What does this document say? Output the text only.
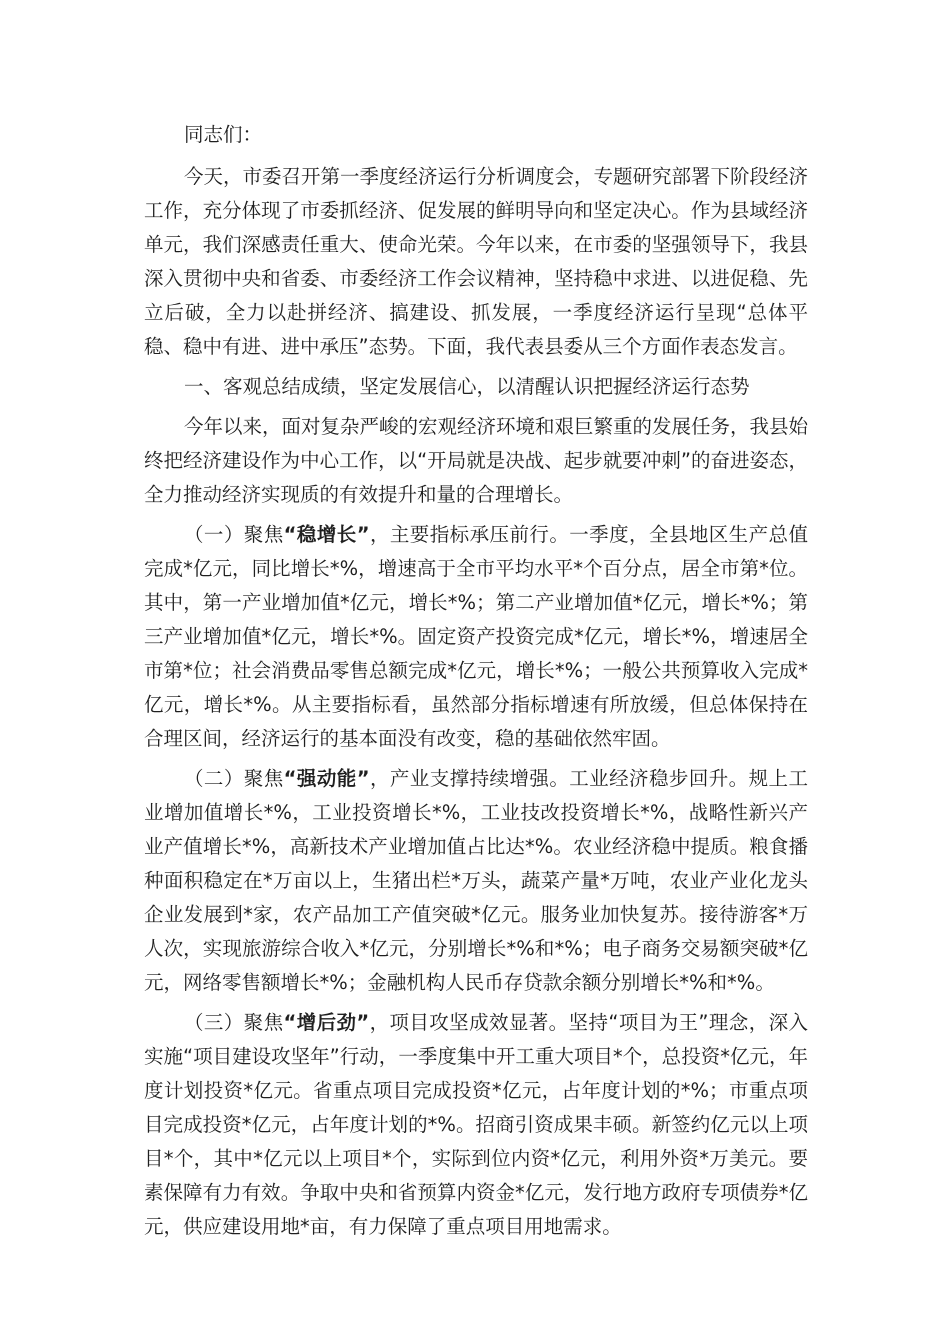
同志们：

今天，市委召开第一季度经济运行分析调度会，专题研究部署下阶段经济工作，充分体现了市委抓经济、促发展的鲜明导向和坚定决心。作为县域经济单元，我们深感责任重大、使命光荣。今年以来，在市委的坚强领导下，我县深入贯彻中央和省委、市委经济工作会议精神，坚持稳中求进、以进促稳、先立后破，全力以赴拼经济、搞建设、抓发展，一季度经济运行呈现“总体平稳、稳中有进、进中承压”态势。下面，我代表县委从三个方面作表态发言。

一、客观总结成绩，坚定发展信心，以清醒认识把握经济运行态势

今年以来，面对复杂严峻的宏观经济环境和艰巨繁重的发展任务，我县始终把经济建设作为中心工作，以“开局就是决战、起步就要冲刺”的奋进姿态，全力推动经济实现质的有效提升和量的合理增长。

（一）聚焦“稳增长”，主要指标承压前行。一季度，全县地区生产总值完成*亿元，同比增长*%，增速高于全市平均水平*个百分点，居全市第*位。其中，第一产业增加值*亿元，增长*%；第二产业增加值*亿元，增长*%；第三产业增加值*亿元，增长*%。固定资产投资完成*亿元，增长*%，增速居全市第*位；社会消费品零售总额完成*亿元，增长*%；一般公共预算收入完成*亿元，增长*%。从主要指标看，虽然部分指标增速有所放缓，但总体保持在合理区间，经济运行的基本面没有改变，稳的基础依然牢固。

（二）聚焦“强动能”，产业支撑持续增强。工业经济稳步回升。规上工业增加值增长*%，工业投资增长*%，工业技改投资增长*%，战略性新兴产业产值增长*%，高新技术产业增加值占比达*%。农业经济稳中提质。粮食播种面积稳定在*万亩以上，生猪出栏*万头，蔬菜产量*万吨，农业产业化龙头企业发展到*家，农产品加工产值突破*亿元。服务业加快复苏。接待游客*万人次，实现旅游综合收入*亿元，分别增长*%和*%；电子商务交易额突破*亿元，网络零售额增长*%；金融机构人民币存贷款余额分别增长*%和*%。

（三）聚焦“增后劲”，项目攻坚成效显著。坚持“项目为王”理念，深入实施“项目建设攻坚年”行动，一季度集中开工重大项目*个，总投资*亿元，年度计划投资*亿元。省重点项目完成投资*亿元，占年度计划的*%；市重点项目完成投资*亿元，占年度计划的*%。招商引资成果丰硕。新签约亿元以上项目*个，其中*亿元以上项目*个，实际到位内资*亿元，利用外资*万美元。要素保障有力有效。争取中央和省预算内资金*亿元，发行地方政府专项债券*亿元，供应建设用地*亩，有力保障了重点项目用地需求。
